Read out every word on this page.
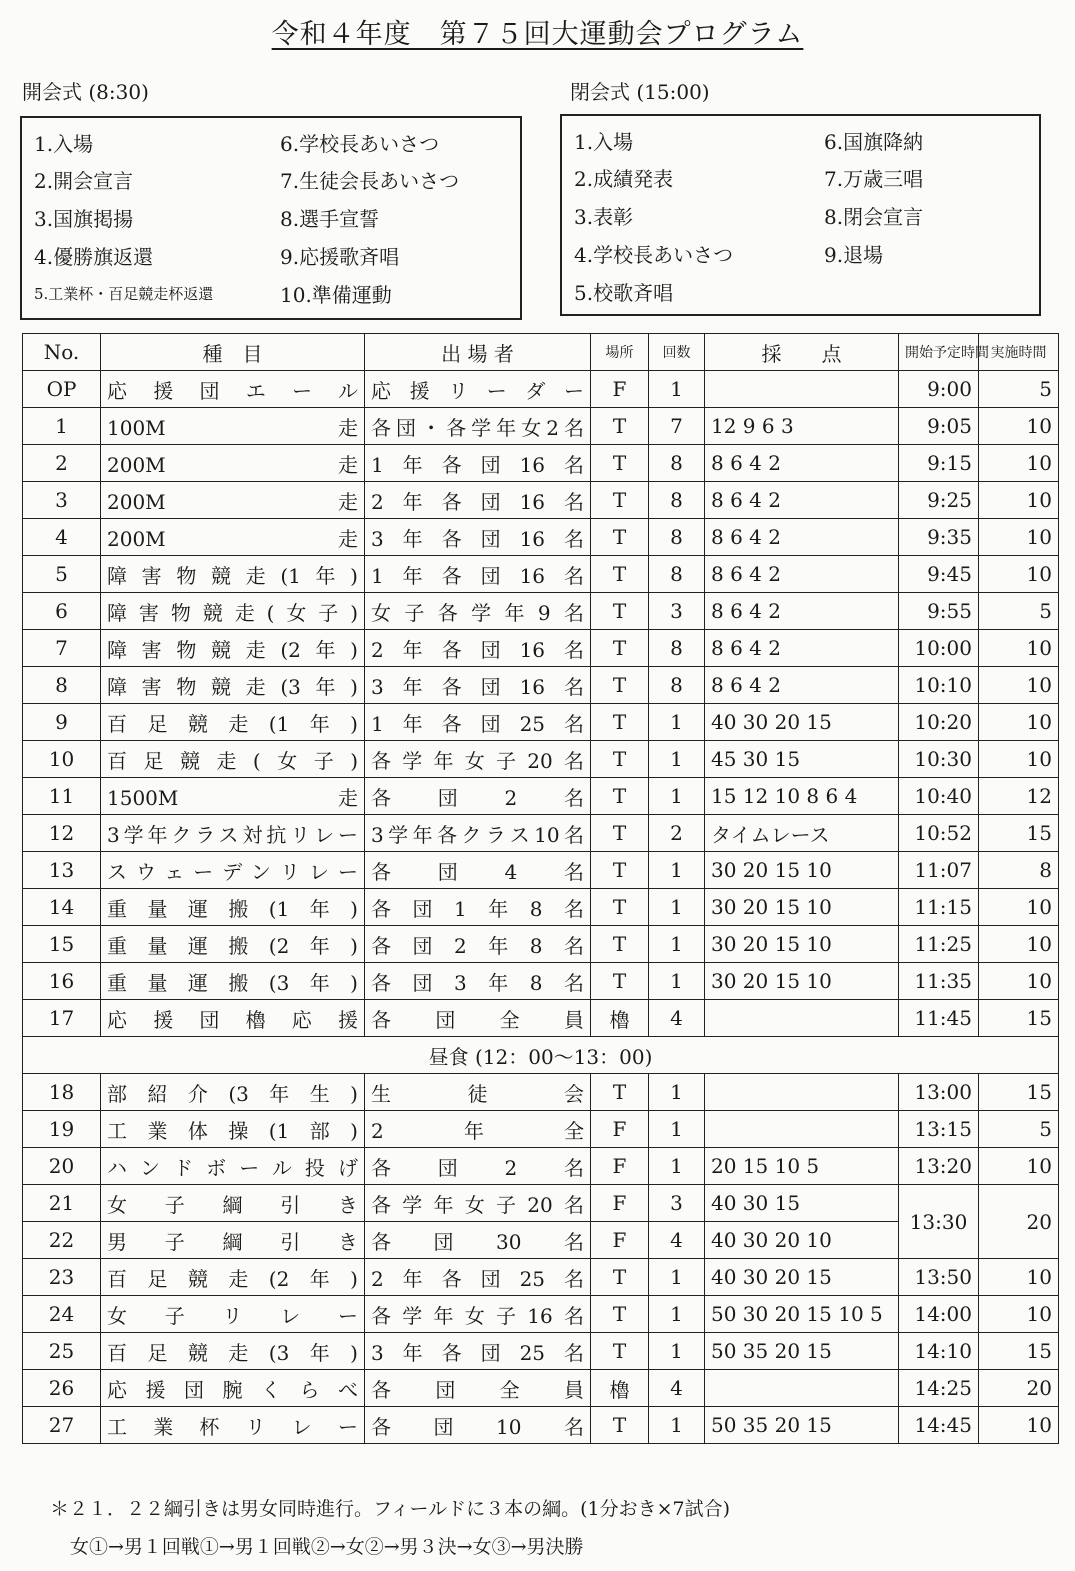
令和４年度　第７５回大運動会プログラム
開会式 (8:30)	閉会式 (15:00)
1.入場
2.開会宣言
3.国旗掲揚
4.優勝旗返還
5.工業杯・百足競走杯返還
6.学校長あいさつ
7.生徒会長あいさつ
8.選手宣誓
9.応援歌斉唱
10.準備運動
1.入場
2.成績発表
3.表彰
4.学校長あいさつ
5.校歌斉唱
6.国旗降納
7.万歳三唱
8.閉会宣言
9.退場
No.	種　目	出 場 者	場所	回数	採　　点	開始予定時間	実施時間
OP	応援団エール	応援リーダー	F	1		9:00	5
1	100M走	各団・各学年女2名	T	7	12 9 6 3	9:05	10
2	200M走	1年各団16名	T	8	8 6 4 2	9:15	10
3	200M走	2年各団16名	T	8	8 6 4 2	9:25	10
4	200M走	3年各団16名	T	8	8 6 4 2	9:35	10
5	障害物競走(1年)	1年各団16名	T	8	8 6 4 2	9:45	10
6	障害物競走(女子)	女子各学年9名	T	3	8 6 4 2	9:55	5
7	障害物競走(2年)	2年各団16名	T	8	8 6 4 2	10:00	10
8	障害物競走(3年)	3年各団16名	T	8	8 6 4 2	10:10	10
9	百足競走(1年)	1年各団25名	T	1	40 30 20 15	10:20	10
10	百足競走(女子)	各学年女子20名	T	1	45 30 15	10:30	10
11	1500M走	各団2名	T	1	15 12 10 8 6 4	10:40	12
12	3学年クラス対抗リレー	3学年各クラス10名	T	2	タイムレース	10:52	15
13	スウェーデンリレー	各団4名	T	1	30 20 15 10	11:07	8
14	重量運搬(1年)	各団1年8名	T	1	30 20 15 10	11:15	10
15	重量運搬(2年)	各団2年8名	T	1	30 20 15 10	11:25	10
16	重量運搬(3年)	各団3年8名	T	1	30 20 15 10	11:35	10
17	応援団櫓応援	各団全員	櫓	4		11:45	15
昼食 (12：00〜13：00)							
18	部紹介(3年生)	生徒会	T	1		13:00	15
19	工業体操(1部)	2年全	F	1		13:15	5
20	ハンドボール投げ	各団2名	F	1	20 15 10 5	13:20	10
21	女子綱引き	各学年女子20名	F	3	40 30 15	13:30	20
22	男子綱引き	各団30名	F	4	40 30 20 10		
23	百足競走(2年)	2年各団25名	T	1	40 30 20 15	13:50	10
24	女子リレー	各学年女子16名	T	1	50 30 20 15 10 5	14:00	10
25	百足競走(3年)	3年各団25名	T	1	50 35 20 15	14:10	15
26	応援団腕くらべ	各団全員	櫓	4		14:25	20
27	工業杯リレー	各団10名	T	1	50 35 20 15	14:45	10
＊２１．２２綱引きは男女同時進行。フィールドに３本の綱。(1分おき×7試合)
女①→男１回戦①→男１回戦②→女②→男３決→女③→男決勝
